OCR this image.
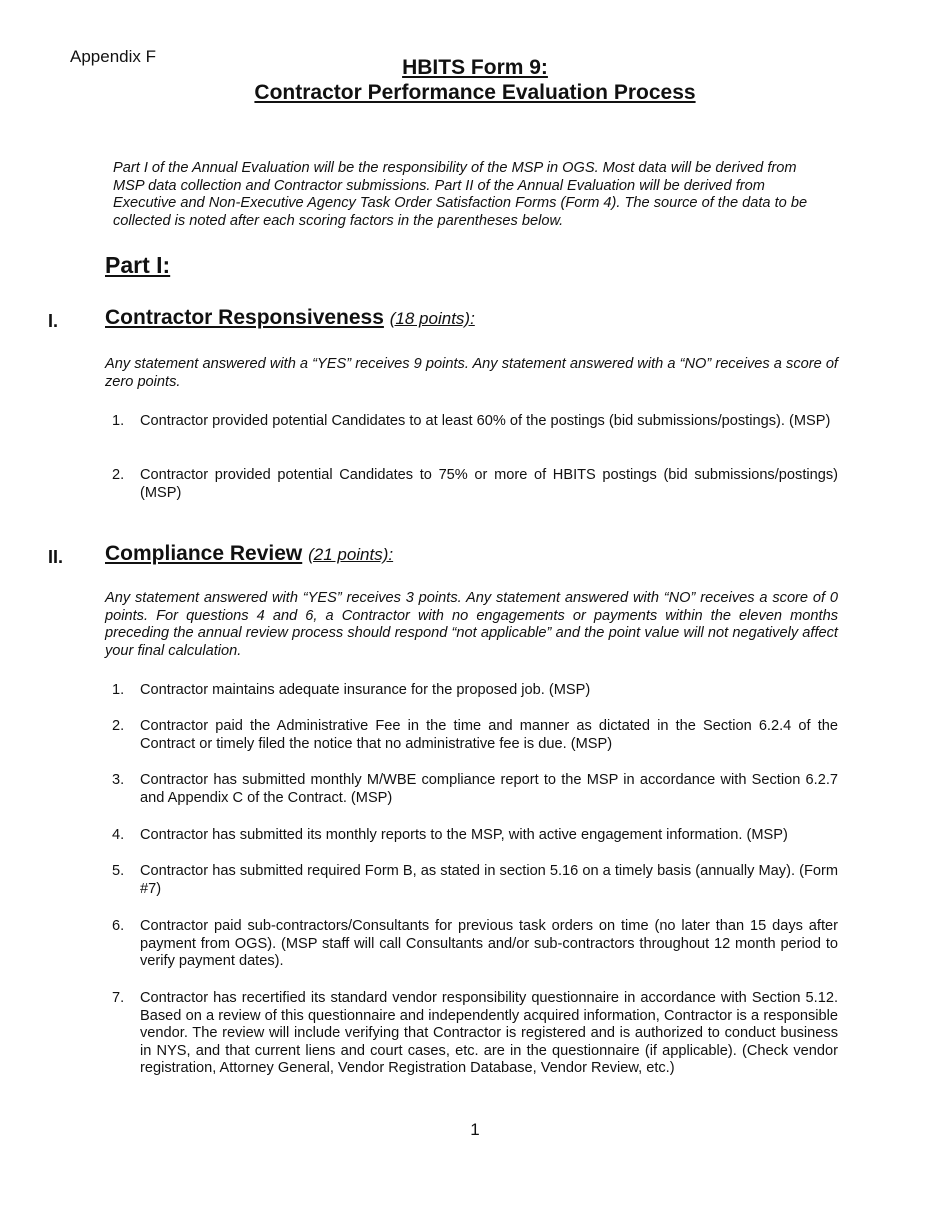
Appendix F	HBITS Form 9:
Contractor Performance Evaluation Process
Part I of the Annual Evaluation will be the responsibility of the MSP in OGS. Most data will be derived from MSP data collection and Contractor submissions. Part II of the Annual Evaluation will be derived from Executive and Non-Executive Agency Task Order Satisfaction Forms (Form 4). The source of the data to be collected is noted after each scoring factors in the parentheses below.
Part I:
I. Contractor Responsiveness (18 points):
Any statement answered with a “YES” receives 9 points. Any statement answered with a “NO” receives a score of zero points.
1.	Contractor provided potential Candidates to at least 60% of the postings (bid submissions/postings). (MSP)
2.	Contractor provided potential Candidates to 75% or more of HBITS postings (bid submissions/postings) (MSP)
II. Compliance Review (21 points):
Any statement answered with “YES” receives 3 points. Any statement answered with “NO” receives a score of 0 points. For questions 4 and 6, a Contractor with no engagements or payments within the eleven months preceding the annual review process should respond “not applicable” and the point value will not negatively affect your final calculation.
1.	Contractor maintains adequate insurance for the proposed job. (MSP)
2.	Contractor paid the Administrative Fee in the time and manner as dictated in the Section 6.2.4 of the Contract or timely filed the notice that no administrative fee is due. (MSP)
3.	Contractor has submitted monthly M/WBE compliance report to the MSP in accordance with Section 6.2.7 and Appendix C of the Contract. (MSP)
4.	Contractor has submitted its monthly reports to the MSP, with active engagement information. (MSP)
5.	Contractor has submitted required Form B, as stated in section 5.16 on a timely basis (annually May). (Form #7)
6.	Contractor paid sub-contractors/Consultants for previous task orders on time (no later than 15 days after payment from OGS). (MSP staff will call Consultants and/or sub-contractors throughout 12 month period to verify payment dates).
7.	Contractor has recertified its standard vendor responsibility questionnaire in accordance with Section 5.12. Based on a review of this questionnaire and independently acquired information, Contractor is a responsible vendor. The review will include verifying that Contractor is registered and is authorized to conduct business in NYS, and that current liens and court cases, etc. are in the questionnaire (if applicable). (Check vendor registration, Attorney General, Vendor Registration Database, Vendor Review, etc.)
1
